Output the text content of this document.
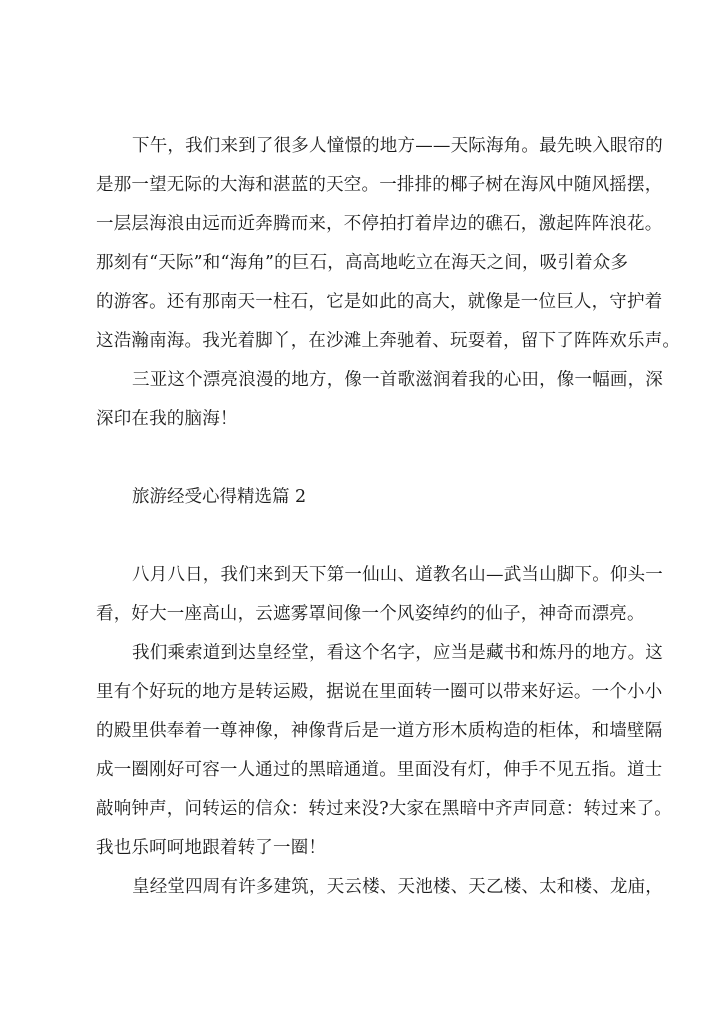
下午，我们来到了很多人憧憬的地方——天际海角。最先映入眼帘的
是那一望无际的大海和湛蓝的天空。一排排的椰子树在海风中随风摇摆，
一层层海浪由远而近奔腾而来，不停拍打着岸边的礁石，激起阵阵浪花。
那刻有“天际”和“海角”的巨石，高高地屹立在海天之间，吸引着众多
的游客。还有那南天一柱石，它是如此的高大，就像是一位巨人，守护着
这浩瀚南海。我光着脚丫，在沙滩上奔驰着、玩耍着，留下了阵阵欢乐声。
三亚这个漂亮浪漫的地方，像一首歌滋润着我的心田，像一幅画，深
深印在我的脑海！
旅游经受心得精选篇 2
八月八日，我们来到天下第一仙山、道教名山—武当山脚下。仰头一
看，好大一座高山，云遮雾罩间像一个风姿绰约的仙子，神奇而漂亮。
我们乘索道到达皇经堂，看这个名字，应当是藏书和炼丹的地方。这
里有个好玩的地方是转运殿，据说在里面转一圈可以带来好运。一个小小
的殿里供奉着一尊神像，神像背后是一道方形木质构造的柜体，和墙壁隔
成一圈刚好可容一人通过的黑暗通道。里面没有灯，伸手不见五指。道士
敲响钟声，问转运的信众：转过来没?大家在黑暗中齐声同意：转过来了。
我也乐呵呵地跟着转了一圈！
皇经堂四周有许多建筑，天云楼、天池楼、天乙楼、太和楼、龙庙，
